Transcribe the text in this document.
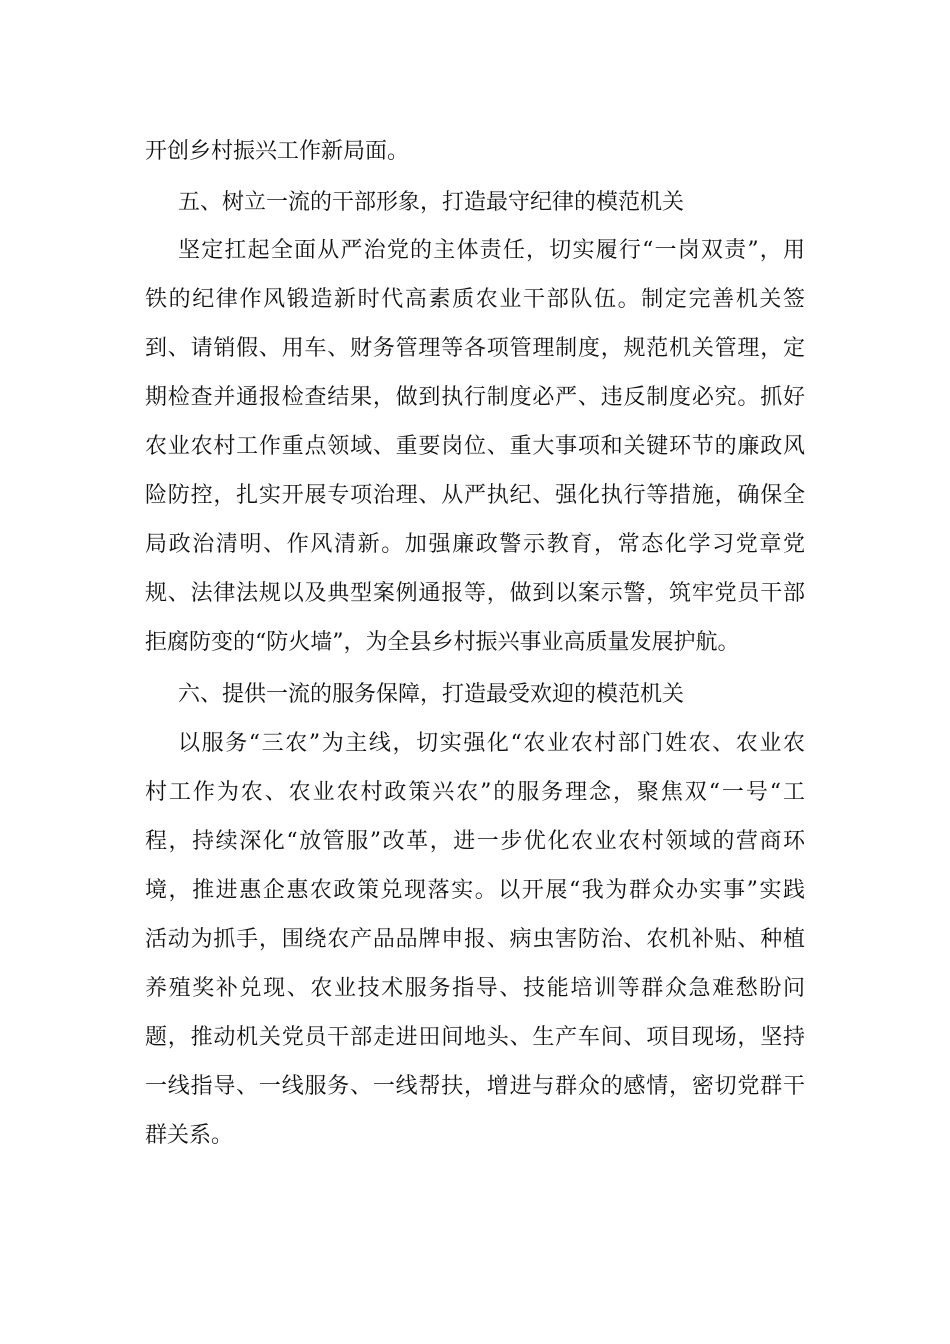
开创乡村振兴工作新局面。
五、树立一流的干部形象，打造最守纪律的模范机关
坚定扛起全面从严治党的主体责任，切实履行“一岗双责”，用
铁的纪律作风锻造新时代高素质农业干部队伍。制定完善机关签
到、请销假、用车、财务管理等各项管理制度，规范机关管理，定
期检查并通报检查结果，做到执行制度必严、违反制度必究。抓好
农业农村工作重点领域、重要岗位、重大事项和关键环节的廉政风
险防控，扎实开展专项治理、从严执纪、强化执行等措施，确保全
局政治清明、作风清新。加强廉政警示教育，常态化学习党章党
规、法律法规以及典型案例通报等，做到以案示警，筑牢党员干部
拒腐防变的“防火墙”，为全县乡村振兴事业高质量发展护航。
六、提供一流的服务保障，打造最受欢迎的模范机关
以服务“三农”为主线，切实强化“农业农村部门姓农、农业农
村工作为农、农业农村政策兴农”的服务理念，聚焦双“一号“工
程，持续深化“放管服”改革，进一步优化农业农村领域的营商环
境，推进惠企惠农政策兑现落实。以开展“我为群众办实事”实践
活动为抓手，围绕农产品品牌申报、病虫害防治、农机补贴、种植
养殖奖补兑现、农业技术服务指导、技能培训等群众急难愁盼问
题，推动机关党员干部走进田间地头、生产车间、项目现场，坚持
一线指导、一线服务、一线帮扶，增进与群众的感情，密切党群干
群关系。
